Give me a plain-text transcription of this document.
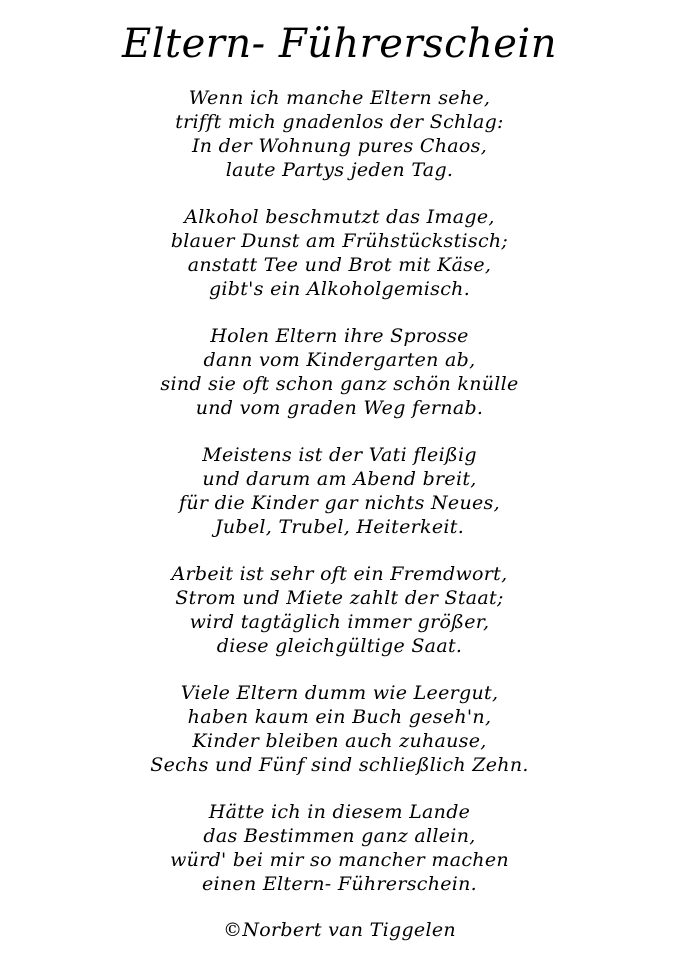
Eltern- Führerschein
Wenn ich manche Eltern sehe,
trifft mich gnadenlos der Schlag:
In der Wohnung pures Chaos,
laute Partys jeden Tag.
Alkohol beschmutzt das Image,
blauer Dunst am Frühstückstisch;
anstatt Tee und Brot mit Käse,
gibt's ein Alkoholgemisch.
Holen Eltern ihre Sprosse
dann vom Kindergarten ab,
sind sie oft schon ganz schön knülle
und vom graden Weg fernab.
Meistens ist der Vati fleißig
und darum am Abend breit,
für die Kinder gar nichts Neues,
Jubel, Trubel, Heiterkeit.
Arbeit ist sehr oft ein Fremdwort,
Strom und Miete zahlt der Staat;
wird tagtäglich immer größer,
diese gleichgültige Saat.
Viele Eltern dumm wie Leergut,
haben kaum ein Buch geseh'n,
Kinder bleiben auch zuhause,
Sechs und Fünf sind schließlich Zehn.
Hätte ich in diesem Lande
das Bestimmen ganz allein,
würd' bei mir so mancher machen
einen Eltern- Führerschein.
©Norbert van Tiggelen
